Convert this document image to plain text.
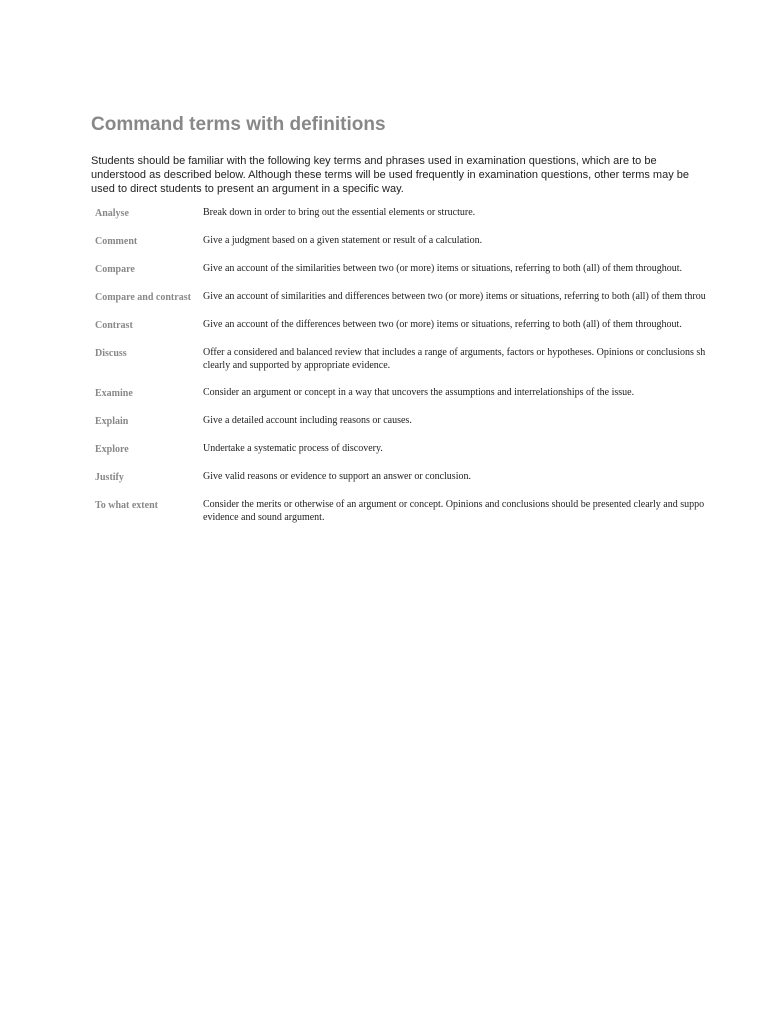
Command terms with definitions

Students should be familiar with the following key terms and phrases used in examination questions, which are to be understood as described below. Although these terms will be used frequently in examination questions, other terms may be used to direct students to present an argument in a specific way.

Analyse	Break down in order to bring out the essential elements or structure.
Comment	Give a judgment based on a given statement or result of a calculation.
Compare	Give an account of the similarities between two (or more) items or situations, referring to both (all) of them throughout.
Compare and contrast	Give an account of similarities and differences between two (or more) items or situations, referring to both (all) of them throu
Contrast	Give an account of the differences between two (or more) items or situations, referring to both (all) of them throughout.
Discuss	Offer a considered and balanced review that includes a range of arguments, factors or hypotheses. Opinions or conclusions sh
clearly and supported by appropriate evidence.
Examine	Consider an argument or concept in a way that uncovers the assumptions and interrelationships of the issue.
Explain	Give a detailed account including reasons or causes.
Explore	Undertake a systematic process of discovery.
Justify	Give valid reasons or evidence to support an answer or conclusion.
To what extent	Consider the merits or otherwise of an argument or concept. Opinions and conclusions should be presented clearly and suppo
evidence and sound argument.
